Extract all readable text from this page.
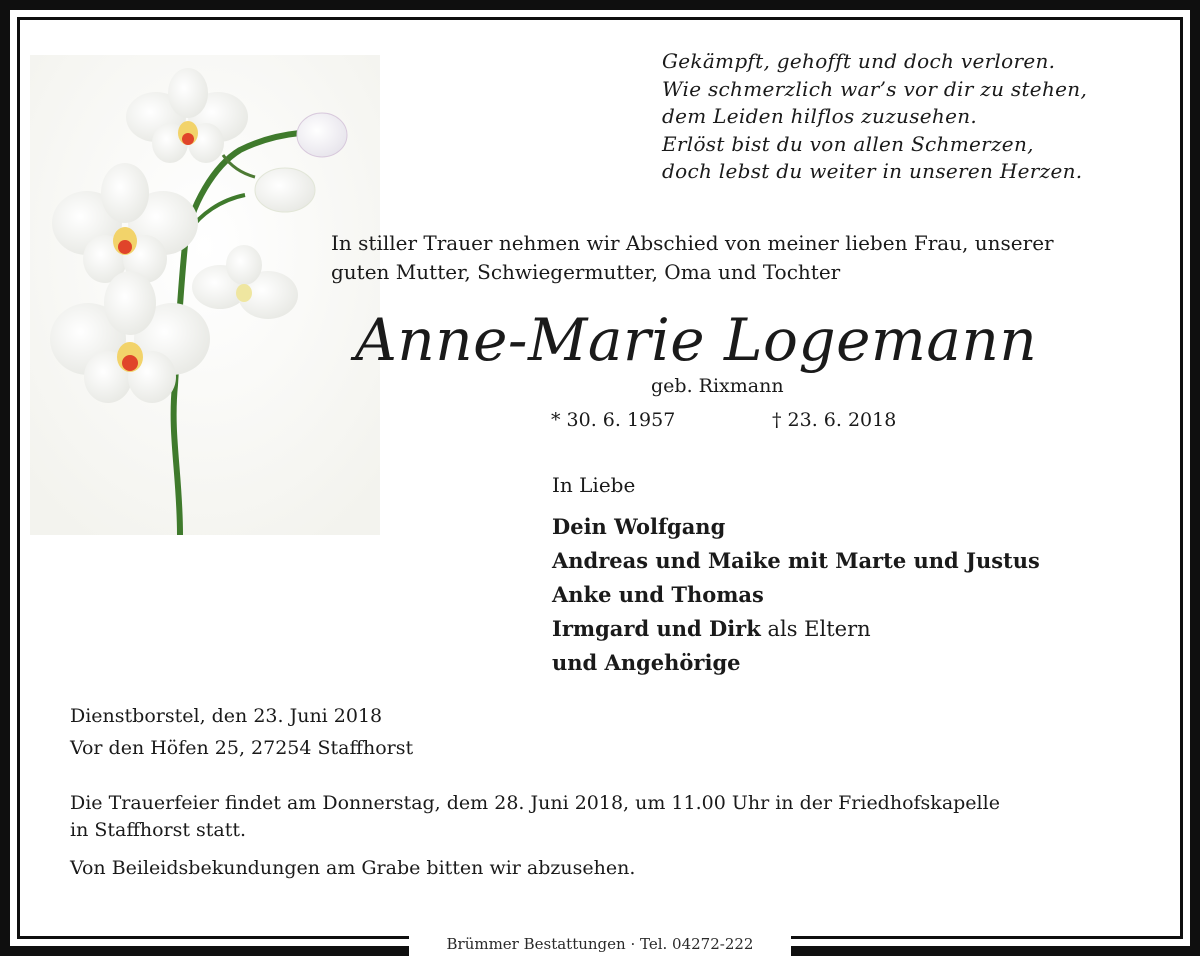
Gekämpft, gehofft und doch verloren.
Wie schmerzlich war’s vor dir zu stehen,
dem Leiden hilflos zuzusehen.
Erlöst bist du von allen Schmerzen,
doch lebst du weiter in unseren Herzen.
In stiller Trauer nehmen wir Abschied von meiner lieben Frau, unserer
guten Mutter, Schwiegermutter, Oma und Tochter
Anne-Marie Logemann
geb. Rixmann
* 30. 6. 1957	† 23. 6. 2018
In Liebe
Dein Wolfgang
Andreas und Maike mit Marte und Justus
Anke und Thomas
Irmgard und Dirk als Eltern
und Angehörige
Dienstborstel, den 23. Juni 2018
Vor den Höfen 25, 27254 Staffhorst
Die Trauerfeier findet am Donnerstag, dem 28. Juni 2018, um 11.00 Uhr in der Friedhofskapelle
in Staffhorst statt.
Von Beileidsbekundungen am Grabe bitten wir abzusehen.
Brümmer Bestattungen · Tel. 04272-222
